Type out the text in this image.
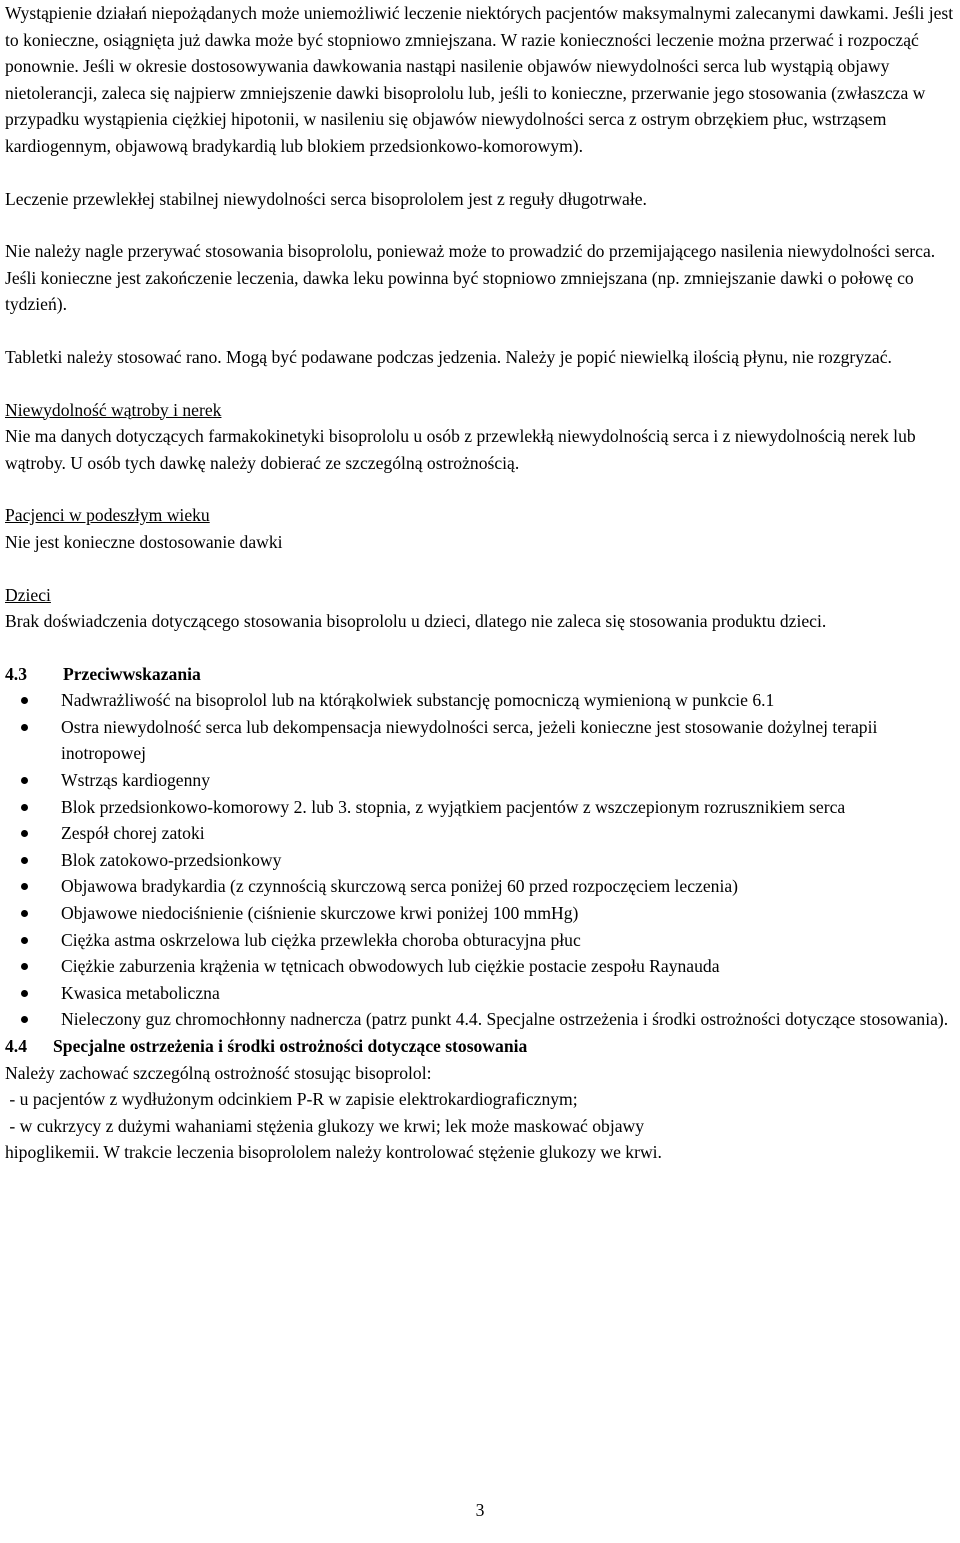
Wystąpienie działań niepożądanych może uniemożliwić leczenie niektórych pacjentów maksymalnymi zalecanymi dawkami. Jeśli jest to konieczne, osiągnięta już dawka może być stopniowo zmniejszana. W razie konieczności leczenie można przerwać i rozpocząć ponownie. Jeśli w okresie dostosowywania dawkowania nastąpi nasilenie objawów niewydolności serca lub wystąpią objawy nietolerancji, zaleca się najpierw zmniejszenie dawki bisoprololu lub, jeśli to konieczne, przerwanie jego stosowania (zwłaszcza w przypadku wystąpienia ciężkiej hipotonii, w nasileniu się objawów niewydolności serca z ostrym obrzękiem płuc, wstrząsem kardiogennym, objawową bradykardią lub blokiem przedsionkowo-komorowym).

Leczenie przewlekłej stabilnej niewydolności serca bisoprololem jest z reguły długotrwałe.

Nie należy nagle przerywać stosowania bisoprololu, ponieważ może to prowadzić do przemijającego nasilenia niewydolności serca. Jeśli konieczne jest zakończenie leczenia, dawka leku powinna być stopniowo zmniejszana (np. zmniejszanie dawki o połowę co tydzień).

Tabletki należy stosować rano. Mogą być podawane podczas jedzenia. Należy je popić niewielką ilością płynu, nie rozgryzać.

Niewydolność wątroby i nerek

Nie ma danych dotyczących farmakokinetyki bisoprololu u osób z przewlekłą niewydolnością serca i z niewydolnością nerek lub wątroby. U osób tych dawkę należy dobierać ze szczególną ostrożnością.

Pacjenci w podeszłym wieku

Nie jest konieczne dostosowanie dawki

Dzieci

Brak doświadczenia dotyczącego stosowania bisoprololu u dzieci, dlatego nie zaleca się stosowania produktu dzieci.

4.3 Przeciwwskazania

Nadwrażliwość na bisoprolol lub na którąkolwiek substancję pomocniczą wymienioną w punkcie 6.1
Ostra niewydolność serca lub dekompensacja niewydolności serca, jeżeli konieczne jest stosowanie dożylnej terapii inotropowej
Wstrząs kardiogenny
Blok przedsionkowo-komorowy 2. lub 3. stopnia, z wyjątkiem pacjentów z wszczepionym rozrusznikiem serca
Zespół chorej zatoki
Blok zatokowo-przedsionkowy
Objawowa bradykardia (z czynnością skurczową serca poniżej 60 przed rozpoczęciem leczenia)
Objawowe niedociśnienie (ciśnienie skurczowe krwi poniżej 100 mmHg)
Ciężka astma oskrzelowa lub ciężka przewlekła choroba obturacyjna płuc
Ciężkie zaburzenia krążenia w tętnicach obwodowych lub ciężkie postacie zespołu Raynauda
Kwasica metaboliczna
Nieleczony guz chromochłonny nadnercza (patrz punkt 4.4. Specjalne ostrzeżenia i środki ostrożności dotyczące stosowania).

4.4 Specjalne ostrzeżenia i środki ostrożności dotyczące stosowania

Należy zachować szczególną ostrożność stosując bisoprolol:

- u pacjentów z wydłużonym odcinkiem P-R w zapisie elektrokardiograficznym;

- w cukrzycy z dużymi wahaniami stężenia glukozy we krwi; lek może maskować objawy

hipoglikemii. W trakcie leczenia bisoprololem należy kontrolować stężenie glukozy we krwi.

3
